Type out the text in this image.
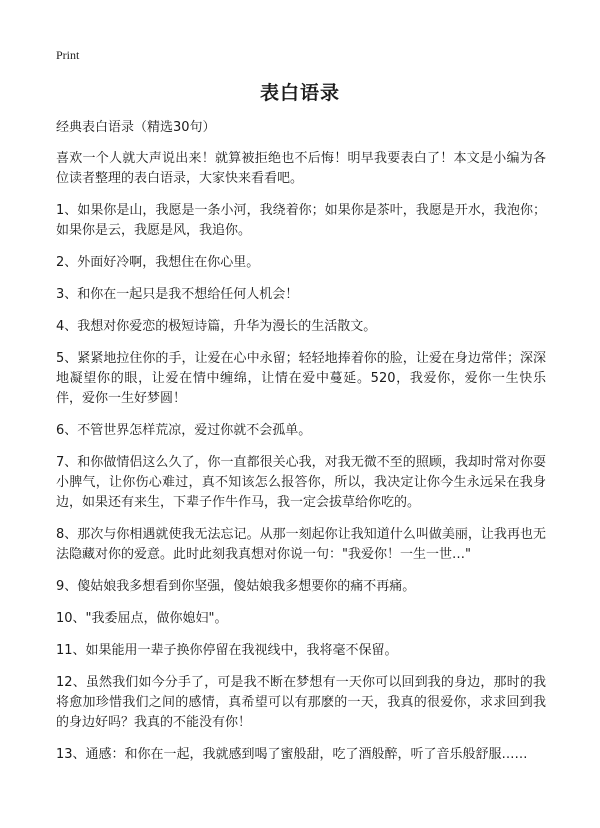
Print
表白语录
经典表白语录（精选30句）

喜欢一个人就大声说出来！就算被拒绝也不后悔！明早我要表白了！本文是小编为各位读者整理的表白语录，大家快来看看吧。

1、如果你是山，我愿是一条小河，我绕着你；如果你是茶叶，我愿是开水，我泡你；如果你是云，我愿是风，我追你。

2、外面好冷啊，我想住在你心里。

3、和你在一起只是我不想给任何人机会！

4、我想对你爱恋的极短诗篇，升华为漫长的生活散文。

5、紧紧地拉住你的手，让爱在心中永留；轻轻地捧着你的脸，让爱在身边常伴；深深地凝望你的眼，让爱在情中缠绵，让情在爱中蔓延。520，我爱你，爱你一生快乐伴，爱你一生好梦圆！

6、不管世界怎样荒凉，爱过你就不会孤单。

7、和你做情侣这么久了，你一直都很关心我，对我无微不至的照顾，我却时常对你耍小脾气，让你伤心难过，真不知该怎么报答你，所以，我决定让你今生永远呆在我身边，如果还有来生，下辈子作牛作马，我一定会拔草给你吃的。

8、那次与你相遇就使我无法忘记。从那一刻起你让我知道什么叫做美丽，让我再也无法隐藏对你的爱意。此时此刻我真想对你说一句："我爱你！一生一世…"

9、傻姑娘我多想看到你坚强，傻姑娘我多想要你的痛不再痛。

10、"我委屈点，做你媳妇"。

11、如果能用一辈子换你停留在我视线中，我将毫不保留。

12、虽然我们如今分手了，可是我不断在梦想有一天你可以回到我的身边，那时的我将愈加珍惜我们之间的感情，真希望可以有那麽的一天，我真的很爱你，求求回到我的身边好吗？我真的不能没有你！

13、通感：和你在一起，我就感到喝了蜜般甜，吃了酒般醉，听了音乐般舒服……
